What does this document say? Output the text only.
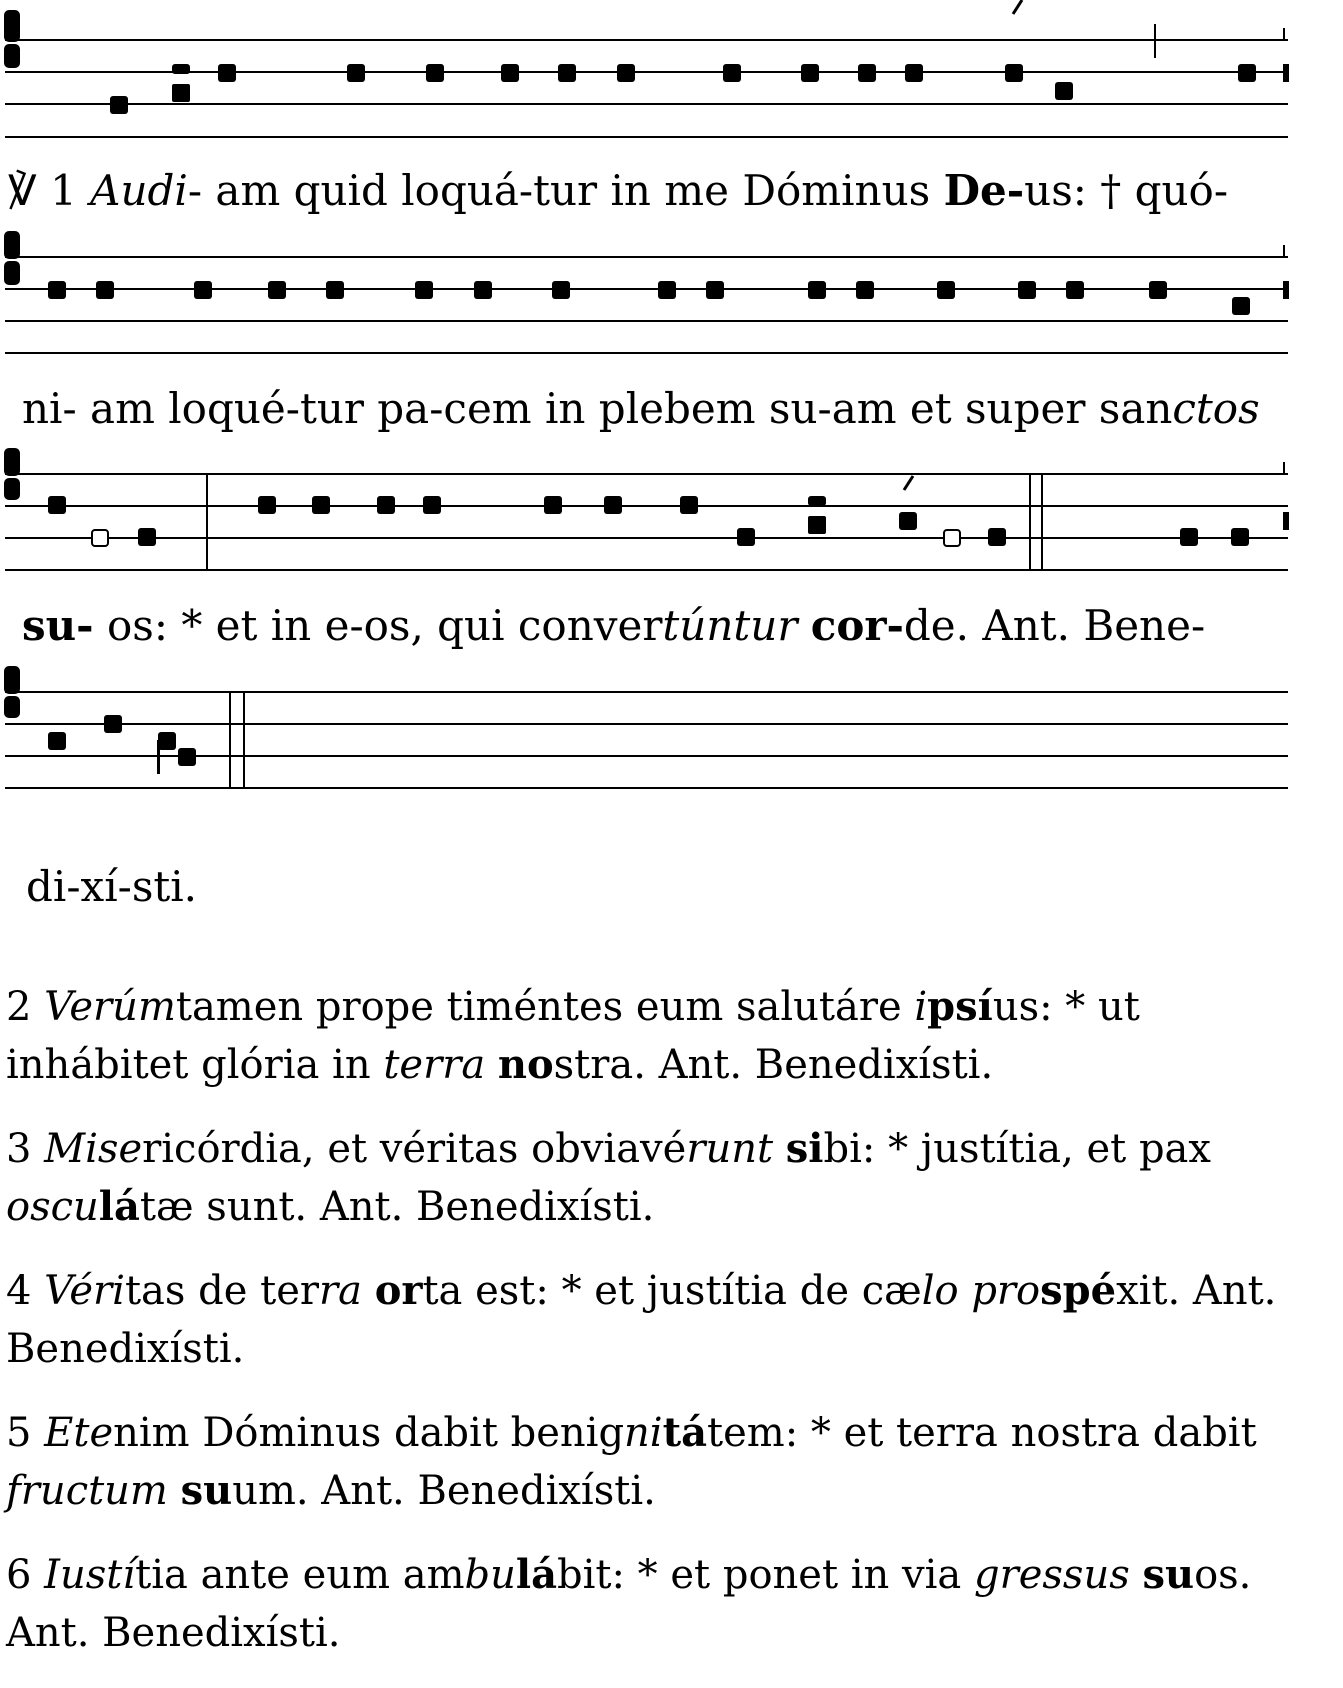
℣ 1 Audi- am quid loquá-tur in me Dóminus De-us: † quó-
ni- am loqué-tur pa-cem in plebem su-am et super sanctos
su- os: * et in e-os, qui convertúntur cor-de. Ant. Bene-
di-xí-sti.

2 Verúmtamen prope timéntes eum salutáre ipsíus: * ut inhábitet glória in terra nostra. Ant. Benedixísti.

3 Misericórdia, et véritas obviavérunt sibi: * justítia, et pax osculátæ sunt. Ant. Benedixísti.

4 Véritas de terra orta est: * et justítia de cælo prospéxit. Ant. Benedixísti.

5 Etenim Dóminus dabit benignitátem: * et terra nostra dabit fructum suum. Ant. Benedixísti.

6 Iustítia ante eum ambulábit: * et ponet in via gressus suos. Ant. Benedixísti.
